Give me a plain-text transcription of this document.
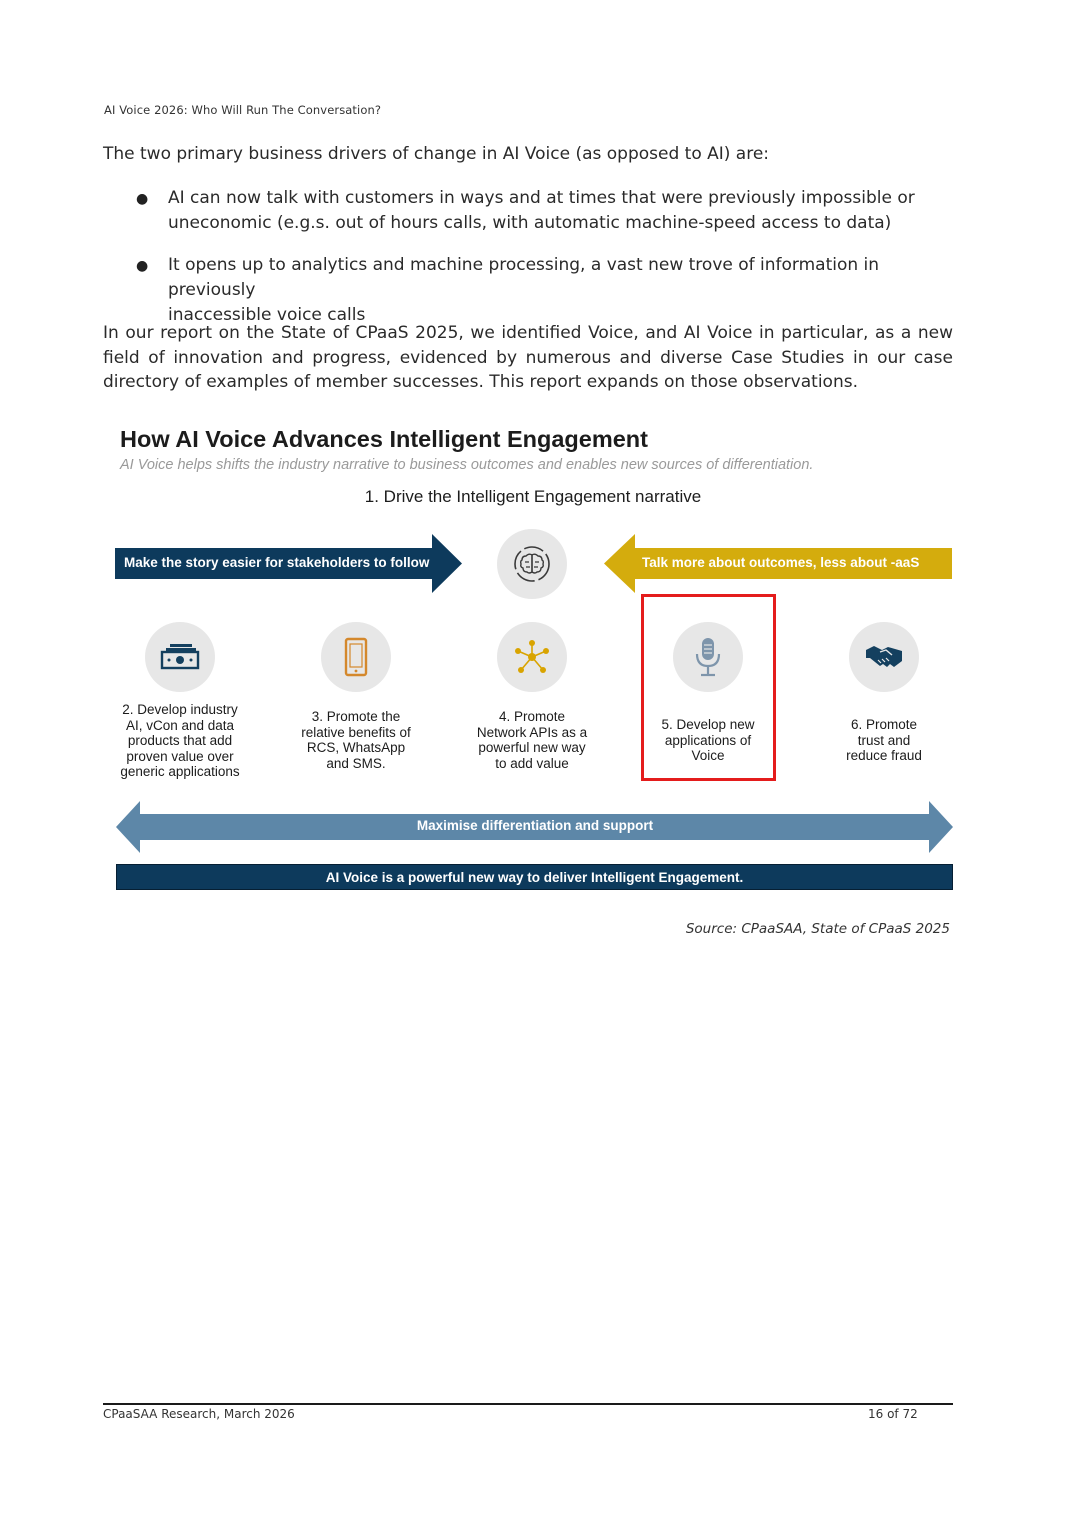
AI Voice 2026: Who Will Run The Conversation?
The two primary business drivers of change in AI Voice (as opposed to AI) are:
● AI can now talk with customers in ways and at times that were previously impossible or
uneconomic (e.g.s. out of hours calls, with automatic machine-speed access to data)
● It opens up to analytics and machine processing, a vast new trove of information in previously
inaccessible voice calls
In our report on the State of CPaaS 2025, we identified Voice, and AI Voice in particular, as a new field of innovation and progress, evidenced by numerous and diverse Case Studies in our case directory of examples of member successes. This report expands on those observations.
How AI Voice Advances Intelligent Engagement
AI Voice helps shifts the industry narrative to business outcomes and enables new sources of differentiation.
1. Drive the Intelligent Engagement narrative
Make the story easier for stakeholders to follow	Talk more about outcomes, less about -aaS
2. Develop industry
AI, vCon and data
products that add
proven value over
generic applications
3. Promote the
relative benefits of
RCS, WhatsApp
and SMS.
4. Promote
Network APIs as a
powerful new way
to add value
5. Develop new
applications of
Voice
6. Promote
trust and
reduce fraud
Maximise differentiation and support
AI Voice is a powerful new way to deliver Intelligent Engagement.
Source: CPaaSAA, State of CPaaS 2025
CPaaSAA Research, March 2026	16 of 72
